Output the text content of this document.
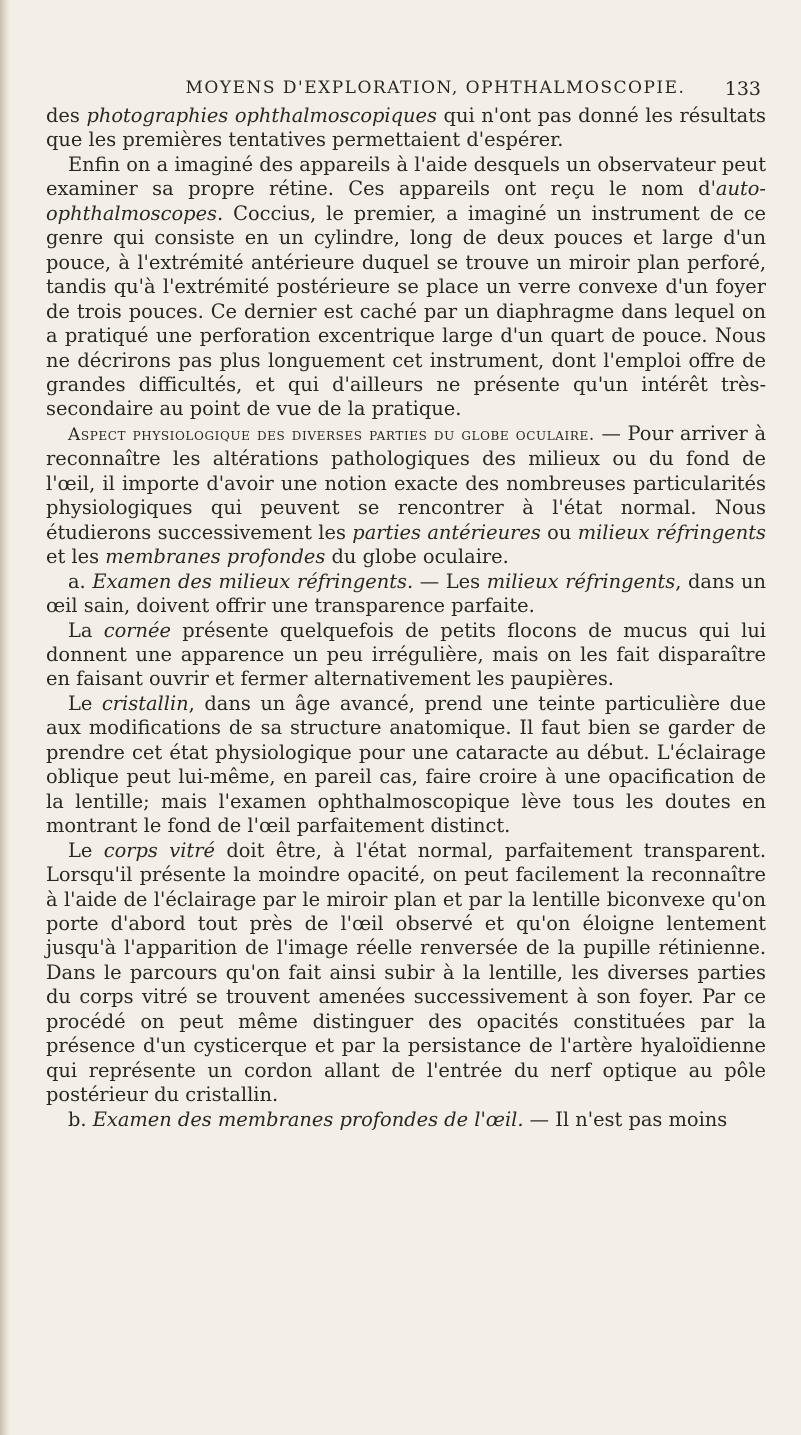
MOYENS D'EXPLORATION, OPHTHALMOSCOPIE.	133

des photographies ophthalmoscopiques qui n'ont pas donné les résultats que les premières tentatives permettaient d'espérer.

Enfin on a imaginé des appareils à l'aide desquels un observateur peut examiner sa propre rétine. Ces appareils ont reçu le nom d'auto-ophthalmoscopes. Coccius, le premier, a imaginé un instrument de ce genre qui consiste en un cylindre, long de deux pouces et large d'un pouce, à l'extrémité antérieure duquel se trouve un miroir plan perforé, tandis qu'à l'extrémité postérieure se place un verre convexe d'un foyer de trois pouces. Ce dernier est caché par un diaphragme dans lequel on a pratiqué une perforation excentrique large d'un quart de pouce. Nous ne décrirons pas plus longuement cet instrument, dont l'emploi offre de grandes difficultés, et qui d'ailleurs ne présente qu'un intérêt très-secondaire au point de vue de la pratique.

Aspect physiologique des diverses parties du globe oculaire. — Pour arriver à reconnaître les altérations pathologiques des milieux ou du fond de l'œil, il importe d'avoir une notion exacte des nombreuses particularités physiologiques qui peuvent se rencontrer à l'état normal. Nous étudierons successivement les parties antérieures ou milieux réfringents et les membranes profondes du globe oculaire.

a. Examen des milieux réfringents. — Les milieux réfringents, dans un œil sain, doivent offrir une transparence parfaite.

La cornée présente quelquefois de petits flocons de mucus qui lui donnent une apparence un peu irrégulière, mais on les fait disparaître en faisant ouvrir et fermer alternativement les paupières.

Le cristallin, dans un âge avancé, prend une teinte particulière due aux modifications de sa structure anatomique. Il faut bien se garder de prendre cet état physiologique pour une cataracte au début. L'éclairage oblique peut lui-même, en pareil cas, faire croire à une opacification de la lentille; mais l'examen ophthalmoscopique lève tous les doutes en montrant le fond de l'œil parfaitement distinct.

Le corps vitré doit être, à l'état normal, parfaitement transparent. Lorsqu'il présente la moindre opacité, on peut facilement la reconnaître à l'aide de l'éclairage par le miroir plan et par la lentille biconvexe qu'on porte d'abord tout près de l'œil observé et qu'on éloigne lentement jusqu'à l'apparition de l'image réelle renversée de la pupille rétinienne. Dans le parcours qu'on fait ainsi subir à la lentille, les diverses parties du corps vitré se trouvent amenées successivement à son foyer. Par ce procédé on peut même distinguer des opacités constituées par la présence d'un cysticerque et par la persistance de l'artère hyaloïdienne qui représente un cordon allant de l'entrée du nerf optique au pôle postérieur du cristallin.

b. Examen des membranes profondes de l'œil. — Il n'est pas moins
